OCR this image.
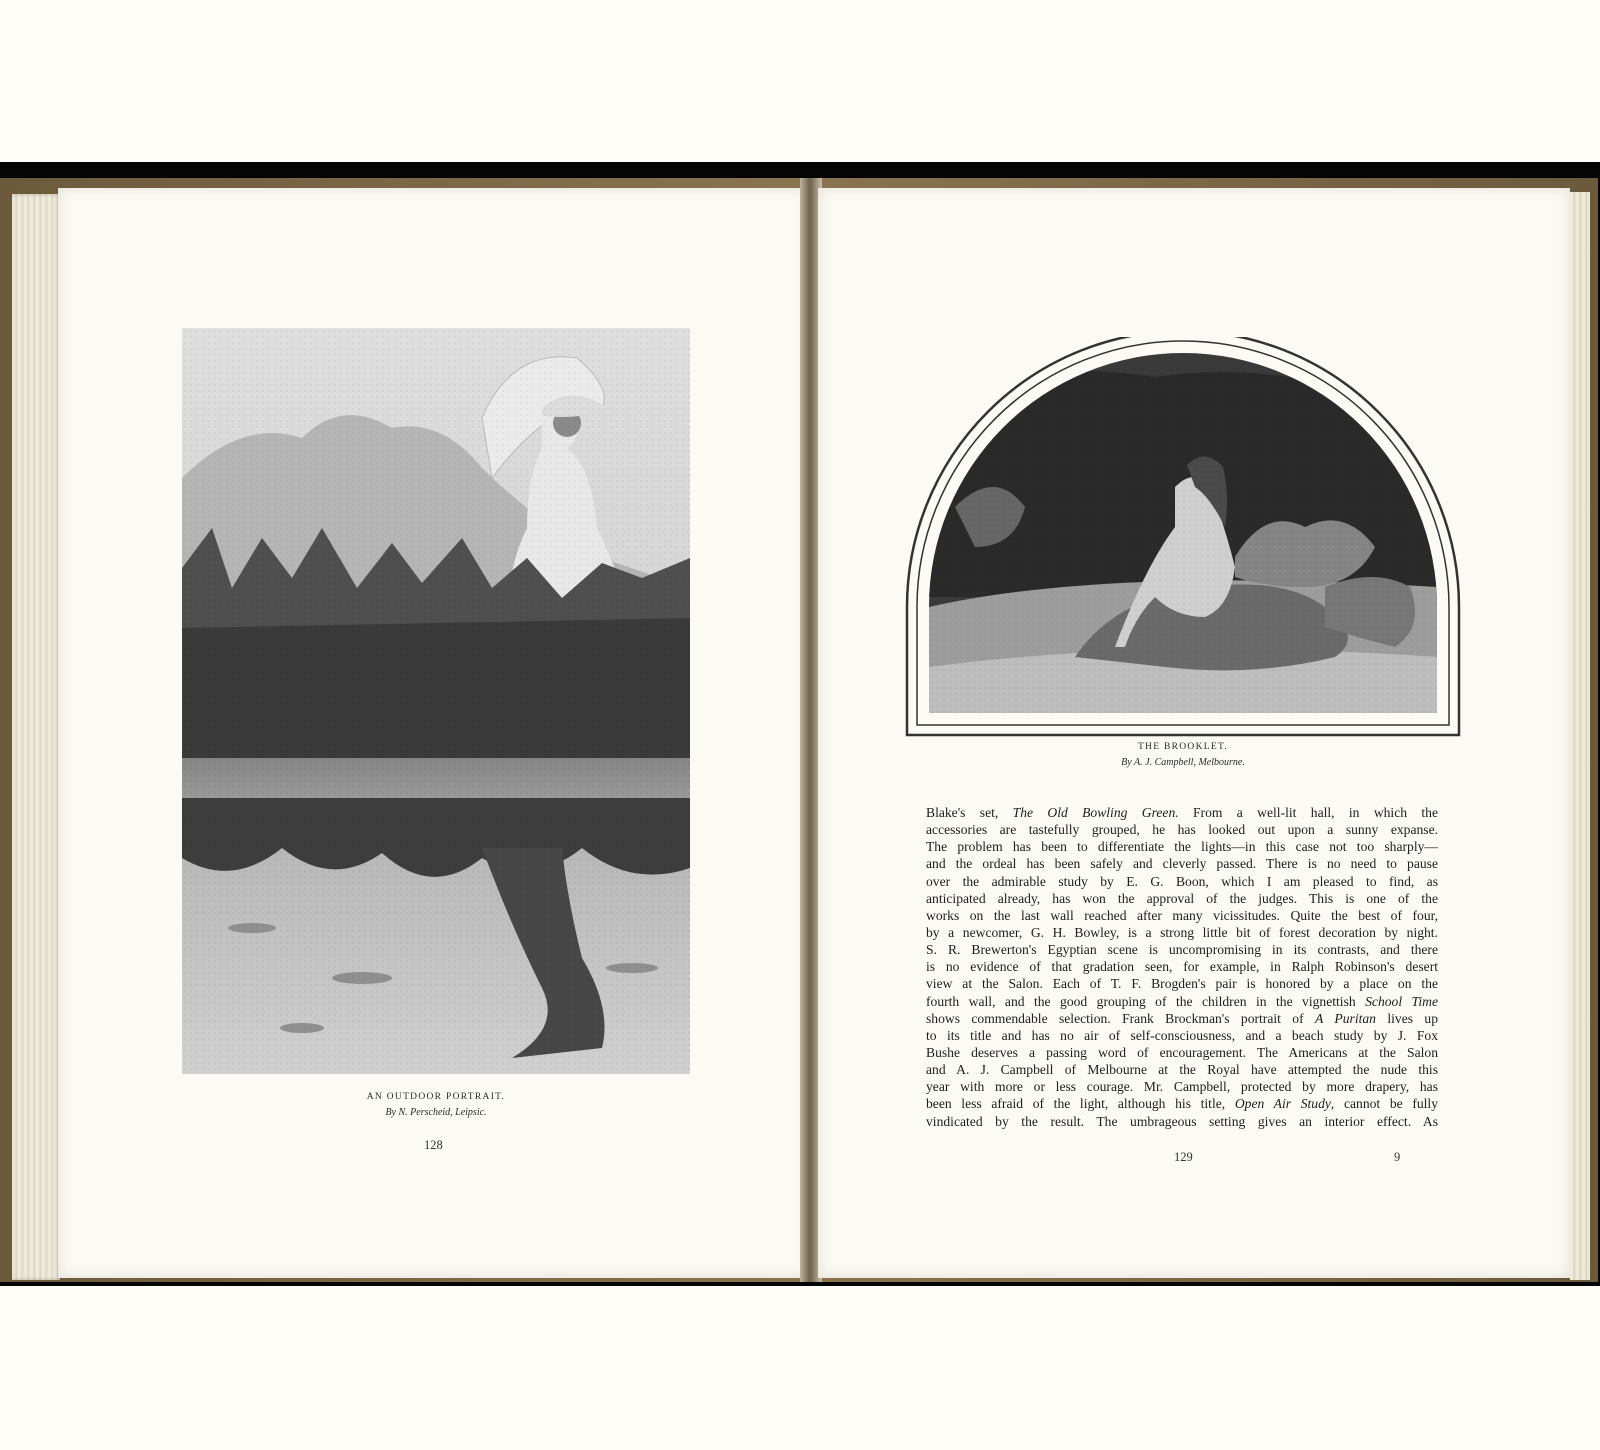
AN OUTDOOR PORTRAIT.
By N. Perscheid, Leipsic.
128
THE BROOKLET.
By A. J. Campbell, Melbourne.
Blake's set, The Old Bowling Green. From a well-lit hall, in which the
accessories are tastefully grouped, he has looked out upon a sunny expanse.
The problem has been to differentiate the lights—in this case not too sharply—
and the ordeal has been safely and cleverly passed. There is no need to pause
over the admirable study by E. G. Boon, which I am pleased to find, as
anticipated already, has won the approval of the judges. This is one of the
works on the last wall reached after many vicissitudes. Quite the best of four,
by a newcomer, G. H. Bowley, is a strong little bit of forest decoration by night.
S. R. Brewerton's Egyptian scene is uncompromising in its contrasts, and there
is no evidence of that gradation seen, for example, in Ralph Robinson's desert
view at the Salon. Each of T. F. Brogden's pair is honored by a place on the
fourth wall, and the good grouping of the children in the vignettish School Time
shows commendable selection. Frank Brockman's portrait of A Puritan lives up
to its title and has no air of self-consciousness, and a beach study by J. Fox
Bushe deserves a passing word of encouragement. The Americans at the Salon
and A. J. Campbell of Melbourne at the Royal have attempted the nude this
year with more or less courage. Mr. Campbell, protected by more drapery, has
been less afraid of the light, although his title, Open Air Study, cannot be fully
vindicated by the result. The umbrageous setting gives an interior effect. As
129	9
